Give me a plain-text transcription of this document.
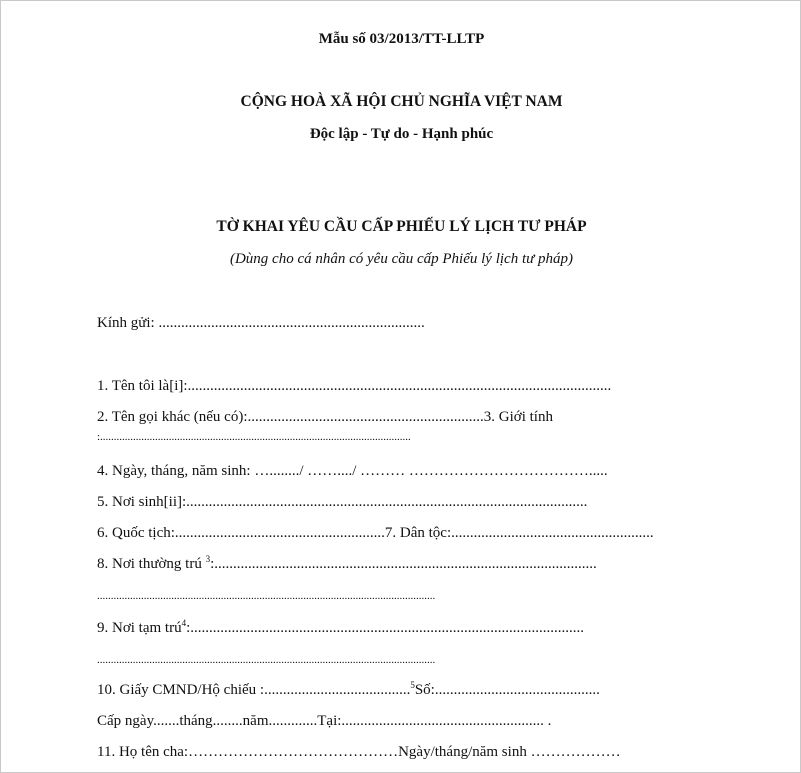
Mẫu số 03/2013/TT-LLTP
CỘNG HOÀ XÃ HỘI CHỦ NGHĨA VIỆT NAM
Độc lập - Tự do - Hạnh phúc
TỜ KHAI YÊU CẦU CẤP PHIẾU LÝ LỊCH TƯ PHÁP
(Dùng cho cá nhân có yêu cầu cấp Phiếu lý lịch tư pháp)
Kính gửi: .......................................................................
1. Tên tôi là[i]:.................................................................................................................
2. Tên gọi khác (nếu có):...............................................................3. Giới tính
:.................................................................................................................
4. Ngày, tháng, năm sinh: …......../ ……..../ ……… ……………………………….....
5. Nơi sinh[ii]:...........................................................................................................
6. Quốc tịch:........................................................7. Dân tộc:......................................................
8. Nơi thường trú $^3$:......................................................................................................
...........................................................................................................................
9. Nơi tạm trú$^4$:.........................................................................................................
...........................................................................................................................
10. Giấy CMND/Hộ chiếu :.......................................$^5$Số:............................................
Cấp ngày.......tháng........năm.............Tại:...................................................... .
11. Họ tên cha:……………………………………Ngày/tháng/năm sinh ………………
